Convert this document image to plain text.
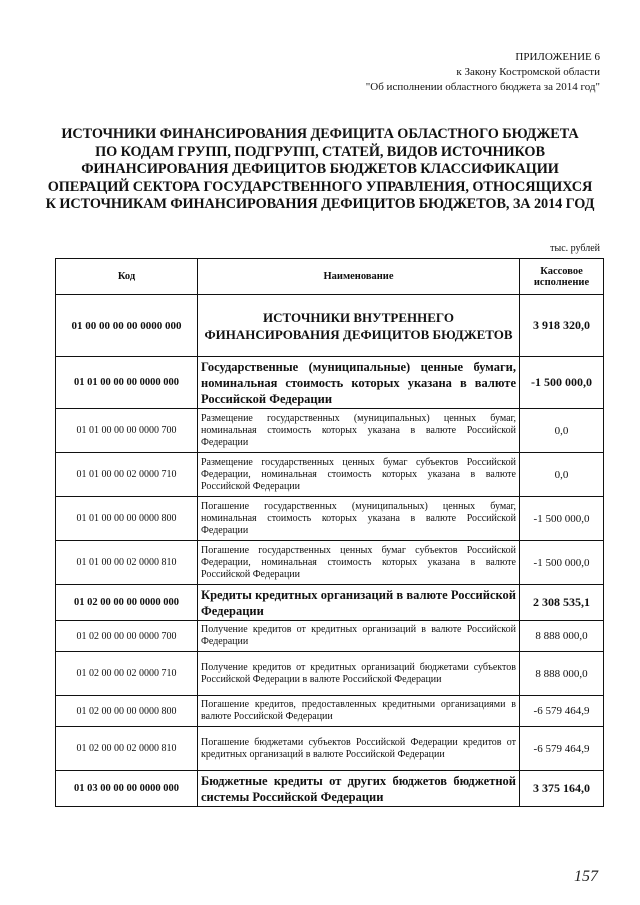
ПРИЛОЖЕНИЕ 6
к Закону Костромской области
"Об исполнении областного бюджета за 2014 год"
ИСТОЧНИКИ ФИНАНСИРОВАНИЯ ДЕФИЦИТА ОБЛАСТНОГО БЮДЖЕТА
ПО КОДАМ ГРУПП, ПОДГРУПП, СТАТЕЙ, ВИДОВ ИСТОЧНИКОВ
ФИНАНСИРОВАНИЯ ДЕФИЦИТОВ БЮДЖЕТОВ КЛАССИФИКАЦИИ
ОПЕРАЦИЙ СЕКТОРА ГОСУДАРСТВЕННОГО УПРАВЛЕНИЯ, ОТНОСЯЩИХСЯ
К ИСТОЧНИКАМ ФИНАНСИРОВАНИЯ ДЕФИЦИТОВ БЮДЖЕТОВ, ЗА 2014 ГОД
тыс. рублей
Код	Наименование	Кассовое исполнение
01 00 00 00 00 0000 000	ИСТОЧНИКИ ВНУТРЕННЕГО ФИНАНСИРОВАНИЯ ДЕФИЦИТОВ БЮДЖЕТОВ	3 918 320,0
01 01 00 00 00 0000 000	Государственные (муниципальные) ценные бумаги, номинальная стоимость которых указана в валюте Российской Федерации	-1 500 000,0
01 01 00 00 00 0000 700	Размещение государственных (муниципальных) ценных бумаг, номинальная стоимость которых указана в валюте Российской Федерации	0,0
01 01 00 00 02 0000 710	Размещение государственных ценных бумаг субъектов Российской Федерации, номинальная стоимость которых указана в валюте Российской Федерации	0,0
01 01 00 00 00 0000 800	Погашение государственных (муниципальных) ценных бумаг, номинальная стоимость которых указана в валюте Российской Федерации	-1 500 000,0
01 01 00 00 02 0000 810	Погашение государственных ценных бумаг субъектов Российской Федерации, номинальная стоимость которых указана в валюте Российской Федерации	-1 500 000,0
01 02 00 00 00 0000 000	Кредиты кредитных организаций в валюте Российской Федерации	2 308 535,1
01 02 00 00 00 0000 700	Получение кредитов от кредитных организаций в валюте Российской Федерации	8 888 000,0
01 02 00 00 02 0000 710	Получение кредитов от кредитных организаций бюджетами субъектов Российской Федерации в валюте Российской Федерации	8 888 000,0
01 02 00 00 00 0000 800	Погашение кредитов, предоставленных кредитными организациями в валюте Российской Федерации	-6 579 464,9
01 02 00 00 02 0000 810	Погашение бюджетами субъектов Российской Федерации кредитов от кредитных организаций в валюте Российской Федерации	-6 579 464,9
01 03 00 00 00 0000 000	Бюджетные кредиты от других бюджетов бюджетной системы Российской Федерации	3 375 164,0
157
